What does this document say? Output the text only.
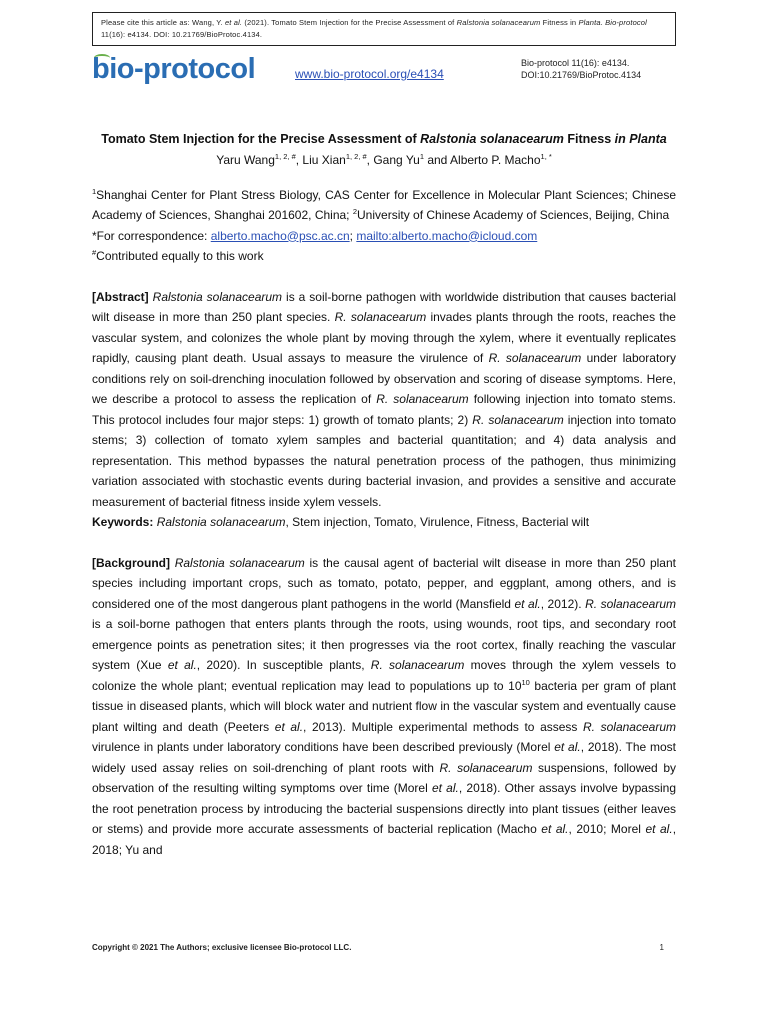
Please cite this article as: Wang, Y. et al. (2021). Tomato Stem Injection for the Precise Assessment of Ralstonia solanacearum Fitness in Planta. Bio-protocol 11(16): e4134. DOI: 10.21769/BioProtoc.4134.
bio-protocol	www.bio-protocol.org/e4134
Bio-protocol 11(16): e4134.
DOI:10.21769/BioProtoc.4134

Tomato Stem Injection for the Precise Assessment of Ralstonia solanacearum Fitness in Planta

Yaru Wang$^{1, 2, \#}$, Liu Xian$^{1, 2, \#}$, Gang Yu$^1$ and Alberto P. Macho$^{1, *}$

$^1$Shanghai Center for Plant Stress Biology, CAS Center for Excellence in Molecular Plant Sciences; Chinese Academy of Sciences, Shanghai 201602, China; $^2$University of Chinese Academy of Sciences, Beijing, China

*For correspondence: alberto.macho@psc.ac.cn; mailto:alberto.macho@icloud.com

#Contributed equally to this work

[Abstract] Ralstonia solanacearum is a soil-borne pathogen with worldwide distribution that causes bacterial wilt disease in more than 250 plant species. R. solanacearum invades plants through the roots, reaches the vascular system, and colonizes the whole plant by moving through the xylem, where it eventually replicates rapidly, causing plant death. Usual assays to measure the virulence of R. solanacearum under laboratory conditions rely on soil-drenching inoculation followed by observation and scoring of disease symptoms. Here, we describe a protocol to assess the replication of R. solanacearum following injection into tomato stems. This protocol includes four major steps: 1) growth of tomato plants; 2) R. solanacearum injection into tomato stems; 3) collection of tomato xylem samples and bacterial quantitation; and 4) data analysis and representation. This method bypasses the natural penetration process of the pathogen, thus minimizing variation associated with stochastic events during bacterial invasion, and provides a sensitive and accurate measurement of bacterial fitness inside xylem vessels.

Keywords: Ralstonia solanacearum, Stem injection, Tomato, Virulence, Fitness, Bacterial wilt

[Background] Ralstonia solanacearum is the causal agent of bacterial wilt disease in more than 250 plant species including important crops, such as tomato, potato, pepper, and eggplant, among others, and is considered one of the most dangerous plant pathogens in the world (Mansfield et al., 2012). R. solanacearum is a soil-borne pathogen that enters plants through the roots, using wounds, root tips, and secondary root emergence points as penetration sites; it then progresses via the root cortex, finally reaching the vascular system (Xue et al., 2020). In susceptible plants, R. solanacearum moves through the xylem vessels to colonize the whole plant; eventual replication may lead to populations up to $10^{10}$ bacteria per gram of plant tissue in diseased plants, which will block water and nutrient flow in the vascular system and eventually cause plant wilting and death (Peeters et al., 2013). Multiple experimental methods to assess R. solanacearum virulence in plants under laboratory conditions have been described previously (Morel et al., 2018). The most widely used assay relies on soil-drenching of plant roots with R. solanacearum suspensions, followed by observation of the resulting wilting symptoms over time (Morel et al., 2018). Other assays involve bypassing the root penetration process by introducing the bacterial suspensions directly into plant tissues (either leaves or stems) and provide more accurate assessments of bacterial replication (Macho et al., 2010; Morel et al., 2018; Yu and

Copyright © 2021 The Authors; exclusive licensee Bio-protocol LLC.	1
